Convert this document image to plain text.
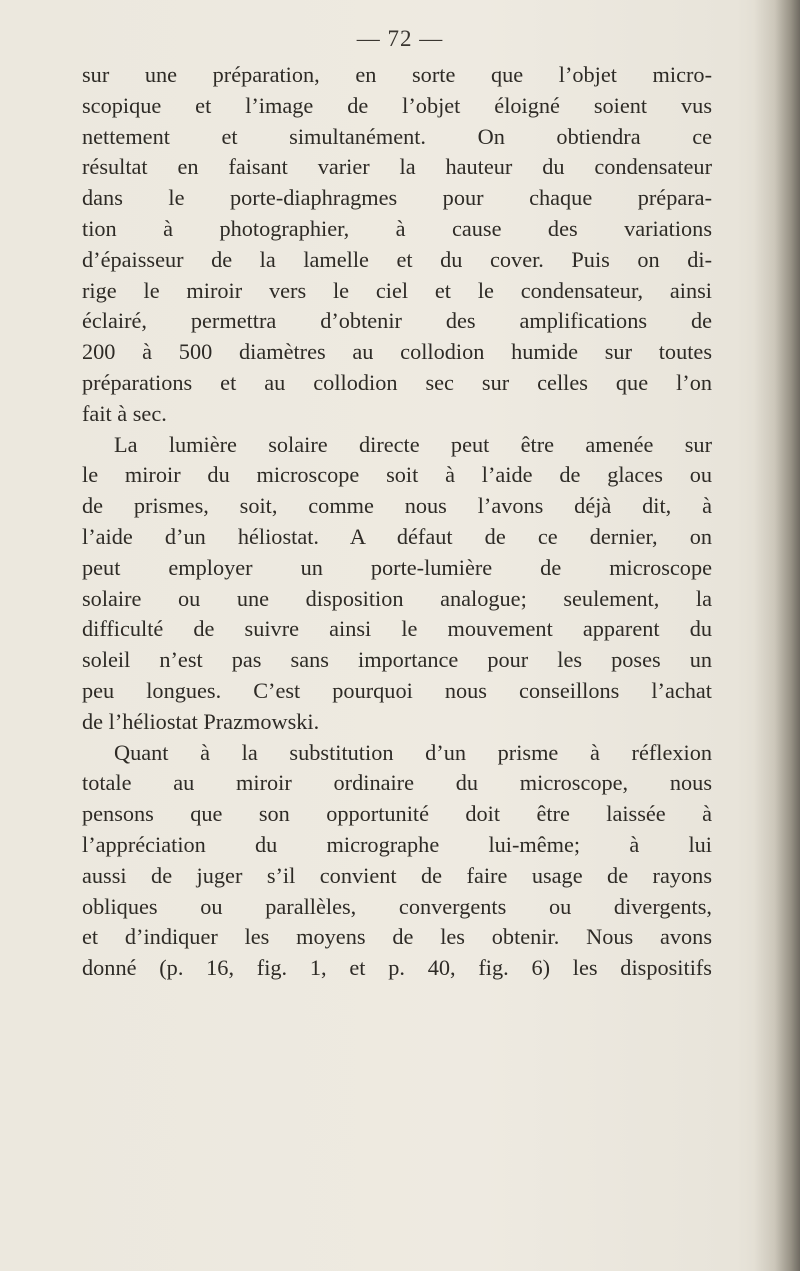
— 72 —

sur une préparation, en sorte que l’objet micro-

scopique et l’image de l’objet éloigné soient vus

nettement et simultanément. On obtiendra ce

résultat en faisant varier la hauteur du condensateur

dans le porte-diaphragmes pour chaque prépara-

tion à photographier, à cause des variations

d’épaisseur de la lamelle et du cover. Puis on di-

rige le miroir vers le ciel et le condensateur, ainsi

éclairé, permettra d’obtenir des amplifications de

200 à 500 diamètres au collodion humide sur toutes

préparations et au collodion sec sur celles que l’on

fait à sec.

La lumière solaire directe peut être amenée sur

le miroir du microscope soit à l’aide de glaces ou

de prismes, soit, comme nous l’avons déjà dit, à

l’aide d’un héliostat. A défaut de ce dernier, on

peut employer un porte-lumière de microscope

solaire ou une disposition analogue; seulement, la

difficulté de suivre ainsi le mouvement apparent du

soleil n’est pas sans importance pour les poses un

peu longues. C’est pourquoi nous conseillons l’achat

de l’héliostat Prazmowski.

Quant à la substitution d’un prisme à réflexion

totale au miroir ordinaire du microscope, nous

pensons que son opportunité doit être laissée à

l’appréciation du micrographe lui-même; à lui

aussi de juger s’il convient de faire usage de rayons

obliques ou parallèles, convergents ou divergents,

et d’indiquer les moyens de les obtenir. Nous avons

donné (p. 16, fig. 1, et p. 40, fig. 6) les dispositifs
